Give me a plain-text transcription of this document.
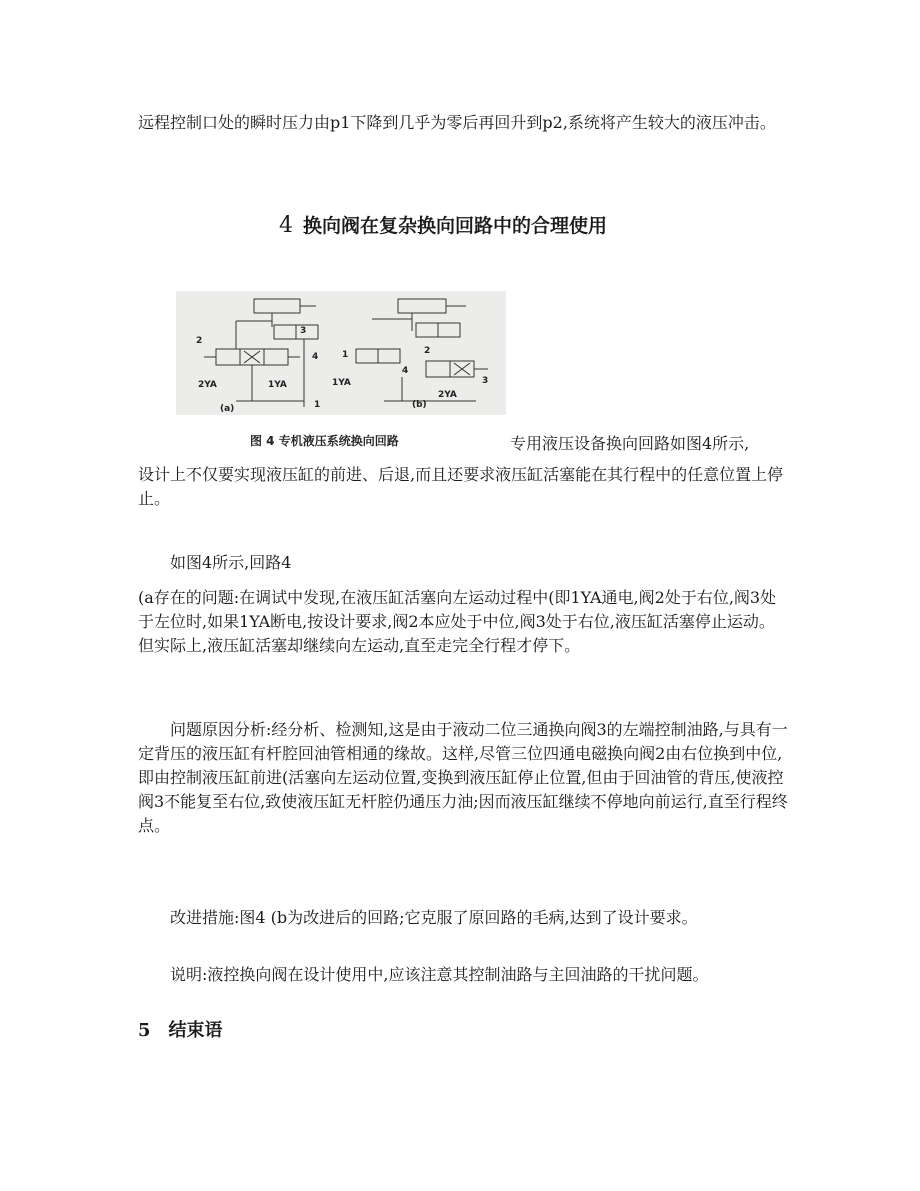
远程控制口处的瞬时压力由p1下降到几乎为零后再回升到p2,系统将产生较大的液压冲击。

4 换向阀在复杂换向回路中的合理使用
2
3
4
1
2YA	1YA
(a)
1
4
2
3
1YA
2YA
(b)

图 4 专机液压系统换向回路	专用液压设备换向回路如图4所示,

设计上不仅要实现液压缸的前进、后退,而且还要求液压缸活塞能在其行程中的任意位置上停止。

如图4所示,回路4

(a存在的问题:在调试中发现,在液压缸活塞向左运动过程中(即1YA通电,阀2处于右位,阀3处于左位时,如果1YA断电,按设计要求,阀2本应处于中位,阀3处于右位,液压缸活塞停止运动。但实际上,液压缸活塞却继续向左运动,直至走完全行程才停下。

问题原因分析:经分析、检测知,这是由于液动二位三通换向阀3的左端控制油路,与具有一定背压的液压缸有杆腔回油管相通的缘故。这样,尽管三位四通电磁换向阀2由右位换到中位,即由控制液压缸前进(活塞向左运动位置,变换到液压缸停止位置,但由于回油管的背压,使液控阀3不能复至右位,致使液压缸无杆腔仍通压力油;因而液压缸继续不停地向前运行,直至行程终点。

改进措施:图4 (b为改进后的回路;它克服了原回路的毛病,达到了设计要求。

说明:液控换向阀在设计使用中,应该注意其控制油路与主回油路的干扰问题。

5 结束语
